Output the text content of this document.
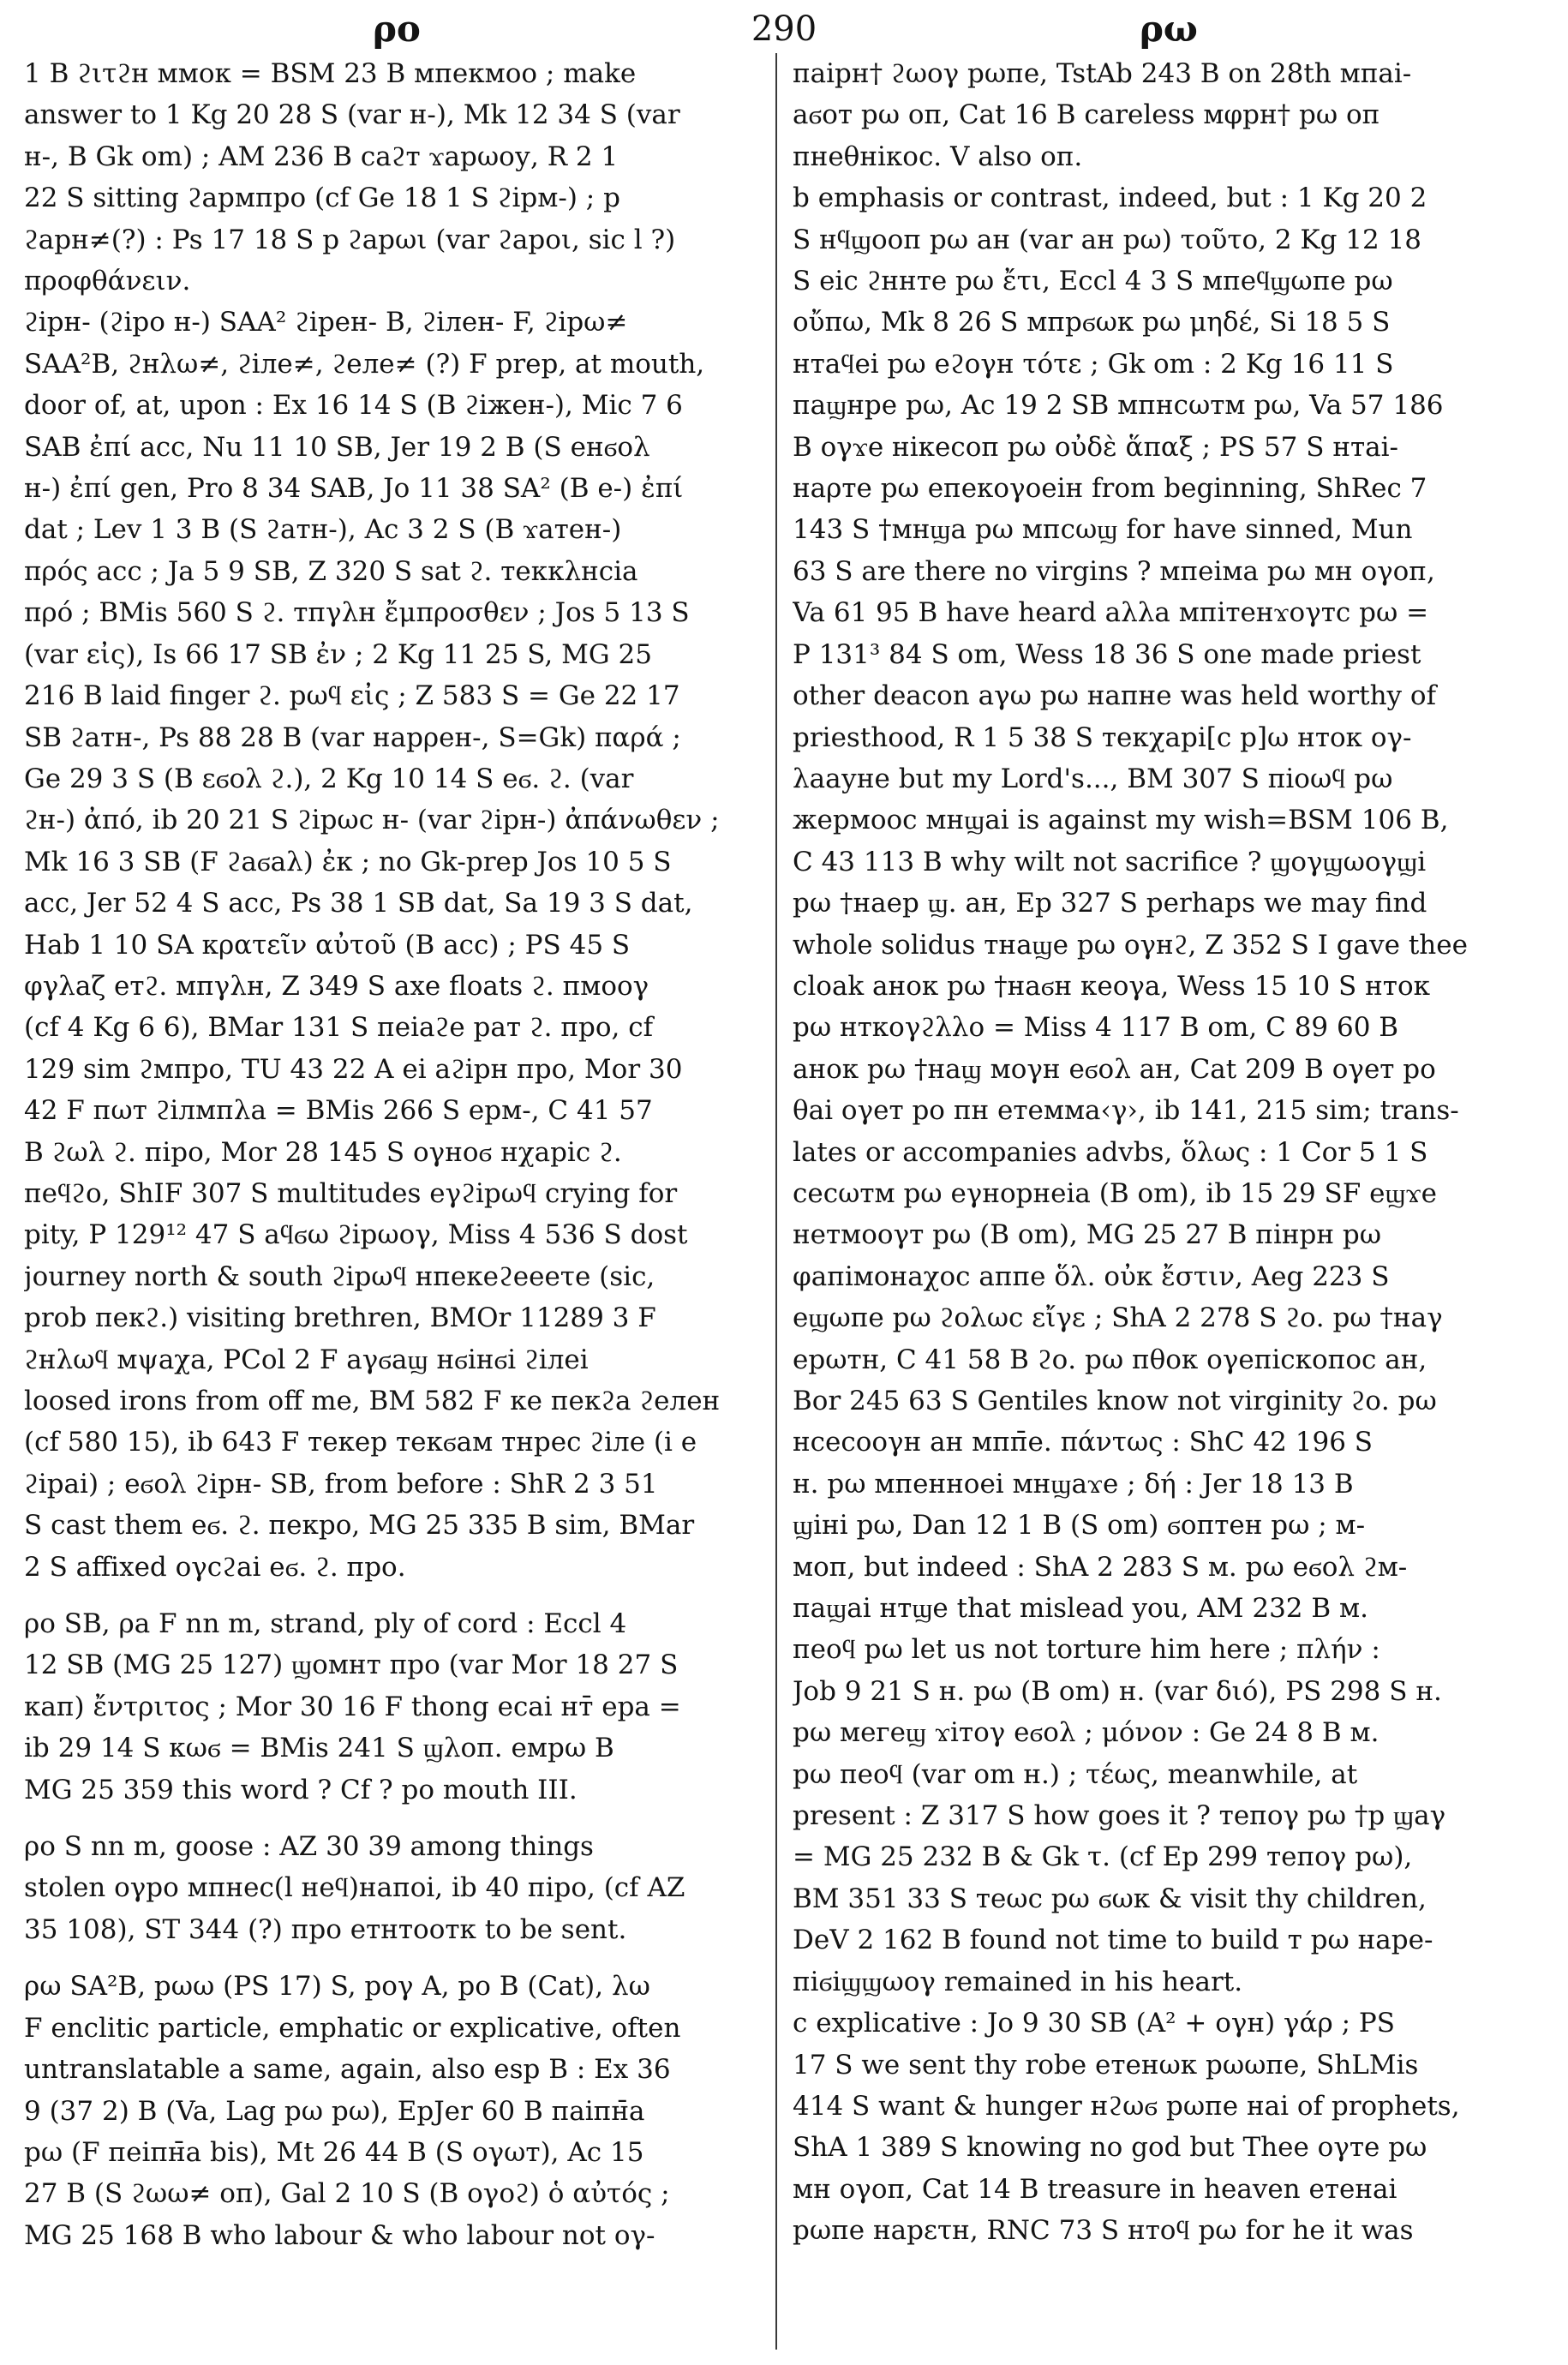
ρο	290	ρω
1 B ϩιτϩн ммок = BSM 23 B мпекмоо ; make
answer to 1 Kg 20 28 S (var н-), Mk 12 34 S (var
н-, B Gk om) ; AM 236 B саϩт ϫарωоу, R 2 1
22 S sitting ϩармпро (cf Ge 18 1 S ϩірм-) ; р
ϩарн≠(?) : Ps 17 18 S р ϩарωι (var ϩароι, sic l ?)
προφθάνειν.
ϩірн- (ϩіро н-) SAA² ϩірен- B, ϩілен- F, ϩірω≠
SAA²B, ϩнλω≠, ϩіле≠, ϩеле≠ (?) F prep, at mouth,
door of, at, upon : Ex 16 14 S (B ϩіжен-), Mic 7 6
SAB ἐπί acc, Nu 11 10 SB, Jer 19 2 B (S енϭоλ
н-) ἐπί gen, Pro 8 34 SAB, Jo 11 38 SA² (B е-) ἐπί
dat ; Lev 1 3 B (S ϩатн-), Ac 3 2 S (B ϫатен-)
πρός acc ; Ja 5 9 SB, Z 320 S sat ϩ. текκλнсіа
πρό ; BMis 560 S ϩ. тпγλн ἔμπροσθεν ; Jos 5 13 S
(var εἰς), Is 66 17 SB ἐν ; 2 Kg 11 25 S, MG 25
216 B laid finger ϩ. рωϥ εἰς ; Z 583 S = Ge 22 17
SB ϩатн-, Ps 88 28 B (var нарρен-, S=Gk) παρά ;
Ge 29 3 S (B εϭоλ ϩ.), 2 Kg 10 14 S еϭ. ϩ. (var
ϩн-) ἀπό, ib 20 21 S ϩірωс н- (var ϩірн-) ἀπάνωθεν ;
Mk 16 3 SB (F ϩаϭаλ) ἐκ ; no Gk-prep Jos 10 5 S
acc, Jer 52 4 S acc, Ps 38 1 SB dat, Sa 19 3 S dat,
Hab 1 10 SA κρατεῖν αὐτοῦ (B acc) ; PS 45 S
φγλаζ етϩ. мпγλн, Z 349 S axe floats ϩ. пмооγ
(cf 4 Kg 6 6), BMar 131 S пеіаϩе рат ϩ. про, cf
129 sim ϩмпро, TU 43 22 A еі аϩірн про, Mor 30
42 F пωт ϩілмпλа = BMis 266 S ерм-, C 41 57
B ϩωλ ϩ. піро, Mor 28 145 S оγноϭ нχаріс ϩ.
пеϥϩо, ShIF 307 S multitudes еγϩірωϥ crying for
pity, P 129¹² 47 S аϥϭω ϩірωоγ, Miss 4 536 S dost
journey north & south ϩірωϥ нпекеϩеееτе (sic,
prob пекϩ.) visiting brethren, BMOr 11289 3 F
ϩнλωϥ мψаχа, PCol 2 F аγϭаϣ нϭінϭі ϩілеі
loosed irons from off me, BM 582 F ке пекϩа ϩелен
(cf 580 15), ib 643 F текер текϭам тнрес ϩіле (i e
ϩіраі) ; еϭоλ ϩірн- SB, from before : ShR 2 3 51
S cast them еϭ. ϩ. пекро, MG 25 335 B sim, BMar
2 S affixed оγсϩаі еϭ. ϩ. про.
ρο SB, ρа F nn m, strand, ply of cord : Eccl 4
12 SB (MG 25 127) ϣомнт про (var Mor 18 27 S
кап) ἔντριτος ; Mor 30 16 F thong есаі нт̄ ера =
ib 29 14 S кωϭ = BMis 241 S ϣλоп. емрω B
MG 25 359 this word ? Cf ? ро mouth III.
ρο S nn m, goose : AZ 30 39 among things
stolen оγро мпнес(l неϥ)напоі, ib 40 піро, (cf AZ
35 108), ST 344 (?) про етнтоотк to be sent.
ρω SA²B, рωω (PS 17) S, роγ A, ро B (Cat), λω
F enclitic particle, emphatic or explicative, often
untranslatable a same, again, also esp B : Ex 36
9 (37 2) B (Va, Lag рω рω), EpJer 60 B паіпн̄а
рω (F пеіпн̄а bis), Mt 26 44 B (S оγωт), Ac 15
27 B (S ϩωω≠ оп), Gal 2 10 S (B оγоϩ) ὁ αὐτός ;
MG 25 168 B who labour & who labour not оγ-
паірн† ϩωоγ рωпе, TstAb 243 B on 28th мпаі-
аϭот рω оп, Cat 16 B careless мφрн† рω оп
пнеθнікос. V also оп.
b emphasis or contrast, indeed, but : 1 Kg 20 2
S нϥϣооп рω ан (var ан рω) τοῦτο, 2 Kg 12 18
S еіс ϩннте рω ἔτι, Eccl 4 3 S мпеϥϣωпе рω
οὔπω, Mk 8 26 S мпрϭωк рω μηδέ, Si 18 5 S
нтаϥеі рω еϩоγн τότε ; Gk om : 2 Kg 16 11 S
паϣнре рω, Ac 19 2 SB мпнсωтм рω, Va 57 186
B оγϫе нікесоп рω οὐδὲ ἅπαξ ; PS 57 S нтаі-
наρте рω епекоγоеін from beginning, ShRec 7
143 S †мнϣа рω мпсωϣ for have sinned, Mun
63 S are there no virgins ? мпеіма рω мн оγоп,
Va 61 95 B have heard аλλа мпітенϫоγтс рω =
P 131³ 84 S om, Wess 18 36 S one made priest
other deacon аγω рω напне was held worthy of
priesthood, R 1 5 38 S текχарі[с р]ω нтοк оγ-
λаауне but my Lord's..., BM 307 S піоωϥ рω
жермоос мнϣаі is against my wish=BSM 106 B,
C 43 113 B why wilt not sacrifice ? ϣоγϣωоγϣі
рω †наер ϣ. ан, Ep 327 S perhaps we may find
whole solidus тнаϣе рω оγнϩ, Z 352 S I gave thee
cloak анок рω †наϭн кеоγа, Wess 15 10 S нтοк
рω нткоγϩλλо = Miss 4 117 B om, C 89 60 B
анок рω †наϣ моγн еϭоλ ан, Cat 209 B оγет ро
θаі оγет ро пн етемма‹γ›, ib 141, 215 sim; trans-
lates or accompanies advbs, ὅλως : 1 Cor 5 1 S
сесωтм рω еγнорнеіа (B om), ib 15 29 SF еϣϫе
нетмооγт рω (B om), MG 25 27 B пінрн рω
φапімонаχос аппе ὅλ. οὐκ ἔστιν, Aeg 223 S
еϣωпе рω ϩоλωс εἴγε ; ShA 2 278 S ϩо. рω †наγ
ерωтн, C 41 58 B ϩо. рω пθок оγепіскопос ан,
Bor 245 63 S Gentiles know not virginity ϩо. рω
нсесооγн ан мпп̄е. πάντως : ShC 42 196 S
н. рω мпеннοеі мнϣаϫе ; δή : Jer 18 13 B
ϣіні рω, Dan 12 1 B (S om) ϭоптен рω ; м-
моп, but indeed : ShA 2 283 S м. рω еϭоλ ϩм-
паϣаі нтϣе that mislead you, AM 232 B м.
пеоϥ рω let us not torture him here ; πλήν :
Job 9 21 S н. рω (B om) н. (var διό), PS 298 S н.
рω мегеϣ ϫітоγ еϭоλ ; μόνον : Ge 24 8 B м.
рω пеоϥ (var om н.) ; τέως, meanwhile, at
present : Z 317 S how goes it ? тепоγ рω †р ϣаγ
= MG 25 232 B & Gk τ. (cf Ep 299 тепоγ рω),
BM 351 33 S теωс рω ϭωк & visit thy children,
DeV 2 162 B found not time to build т рω наре-
піϭіϣϣωоγ remained in his heart.
c explicative : Jo 9 30 SB (A² + оγн) γάρ ; PS
17 S we sent thy robe етенωк рωωпе, ShLMis
414 S want & hunger нϩωϭ рωпе наі of prophets,
ShA 1 389 S knowing no god but Thee оγте рω
мн оγоп, Cat 14 B treasure in heaven етенаі
рωпе нарετн, RNC 73 S нтоϥ рω for he it was
